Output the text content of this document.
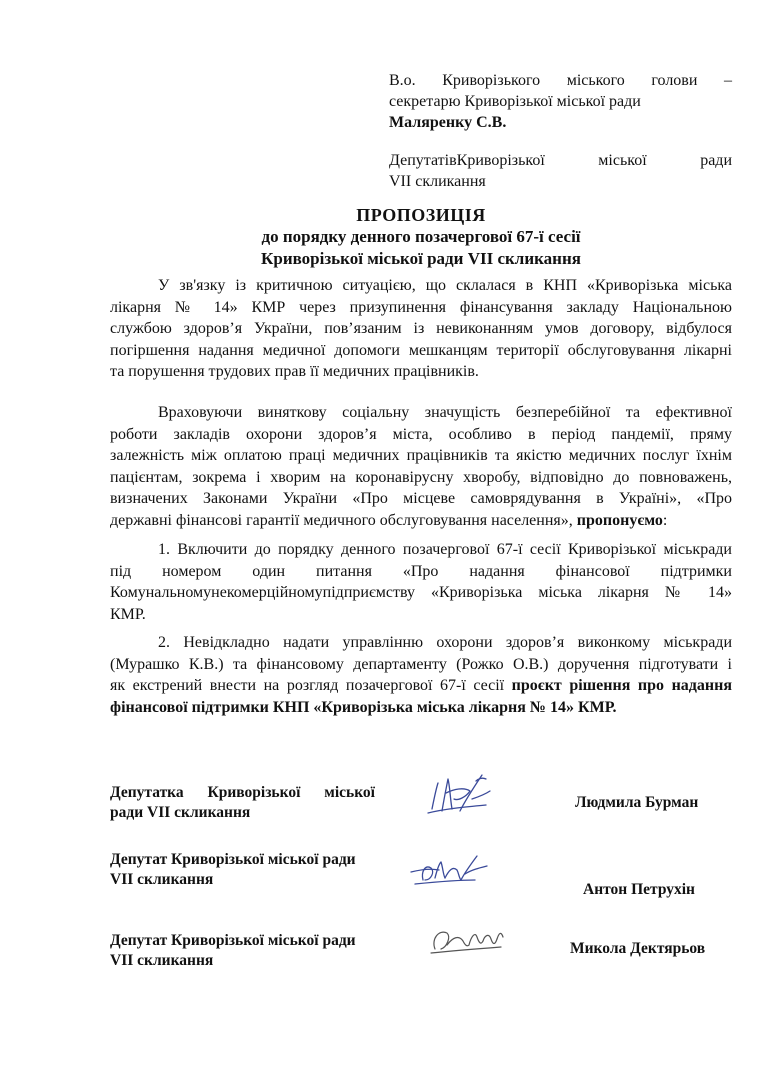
В.о. Криворізького міського голови –
секретарю Криворізької міської ради
Маляренку С.В.
ДепутатівКриворізької міської ради
VII скликання
ПРОПОЗИЦІЯ
до порядку денного позачергової 67-ї сесії
Криворізької міської ради VII скликання

У зв'язку із критичною ситуацією, що склалася в КНП «Криворізька міська
лікарня № 14» КМР через призупинення фінансування закладу Національною
службою здоров’я України, пов’язаним із невиконанням умов договору, відбулося
погіршення надання медичної допомоги мешканцям території обслуговування лікарні
та порушення трудових прав її медичних працівників.

Враховуючи виняткову соціальну значущість безперебійної та ефективної
роботи закладів охорони здоров’я міста, особливо в період пандемії, пряму
залежність між оплатою праці медичних працівників та якістю медичних послуг їхнім
пацієнтам, зокрема і хворим на коронавірусну хворобу, відповідно до повноважень,
визначених Законами України «Про місцеве самоврядування в Україні», «Про
державні фінансові гарантії медичного обслуговування населення», пропонуємо:

1. Включити до порядку денного позачергової 67-ї сесії Криворізької міськради
під номером один питання «Про надання фінансової підтримки
Комунальномунекомерційномупідприємству «Криворізька міська лікарня № 14»
КМР.

2. Невідкладно надати управлінню охорони здоров’я виконкому міськради
(Мурашко К.В.) та фінансовому департаменту (Рожко О.В.) доручення підготувати і
як екстрений внести на розгляд позачергової 67-ї сесії проєкт рішення про надання
фінансової підтримки КНП «Криворізька міська лікарня № 14» КМР.

Депутатка Криворізької міської
ради VII скликання
Людмила Бурман
Депутат Криворізької міської ради
VII скликання
Антон Петрухін
Депутат Криворізької міської ради
VII скликання
Микола Дектярьов
